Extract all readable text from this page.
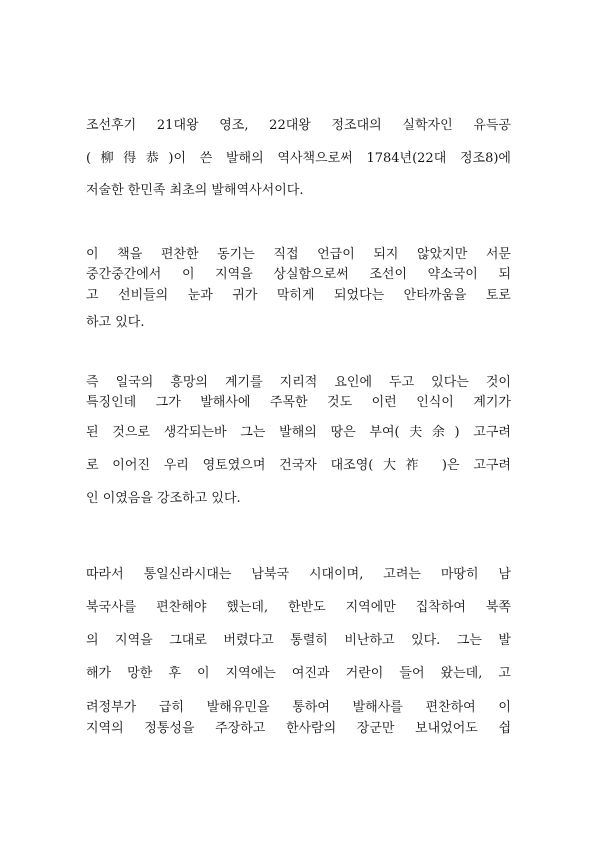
조선후기 21대왕 영조, 22대왕 정조대의 실학자인 유득공
(柳得恭)이 쓴 발해의 역사책으로써 1784년(22대 정조8)에
저술한 한민족 최초의 발해역사서이다.
이 책을 편찬한 동기는 직접 언급이 되지 않았지만 서문
중간중간에서 이 지역을 상실함으로써 조선이 약소국이 되
고 선비들의 눈과 귀가 막히게 되었다는 안타까움을 토로
하고 있다.
즉 일국의 흥망의 계기를 지리적 요인에 두고 있다는 것이
특징인데 그가 발해사에 주목한 것도 이런 인식이 계기가
된 것으로 생각되는바 그는 발해의 땅은 부여(夫余) 고구려
로 이어진 우리 영토였으며 건국자 대조영(大祚 )은 고구려
인 이였음을 강조하고 있다.
따라서 통일신라시대는 남북국 시대이며, 고려는 마땅히 남
북국사를 편찬해야 했는데, 한반도 지역에만 집착하여 북쪽
의 지역을 그대로 버렸다고 통렬히 비난하고 있다. 그는 발
해가 망한 후 이 지역에는 여진과 거란이 들어 왔는데, 고
려정부가 급히 발해유민을 통하여 발해사를 편찬하여 이
지역의 정통성을 주장하고 한사람의 장군만 보내었어도 쉽
